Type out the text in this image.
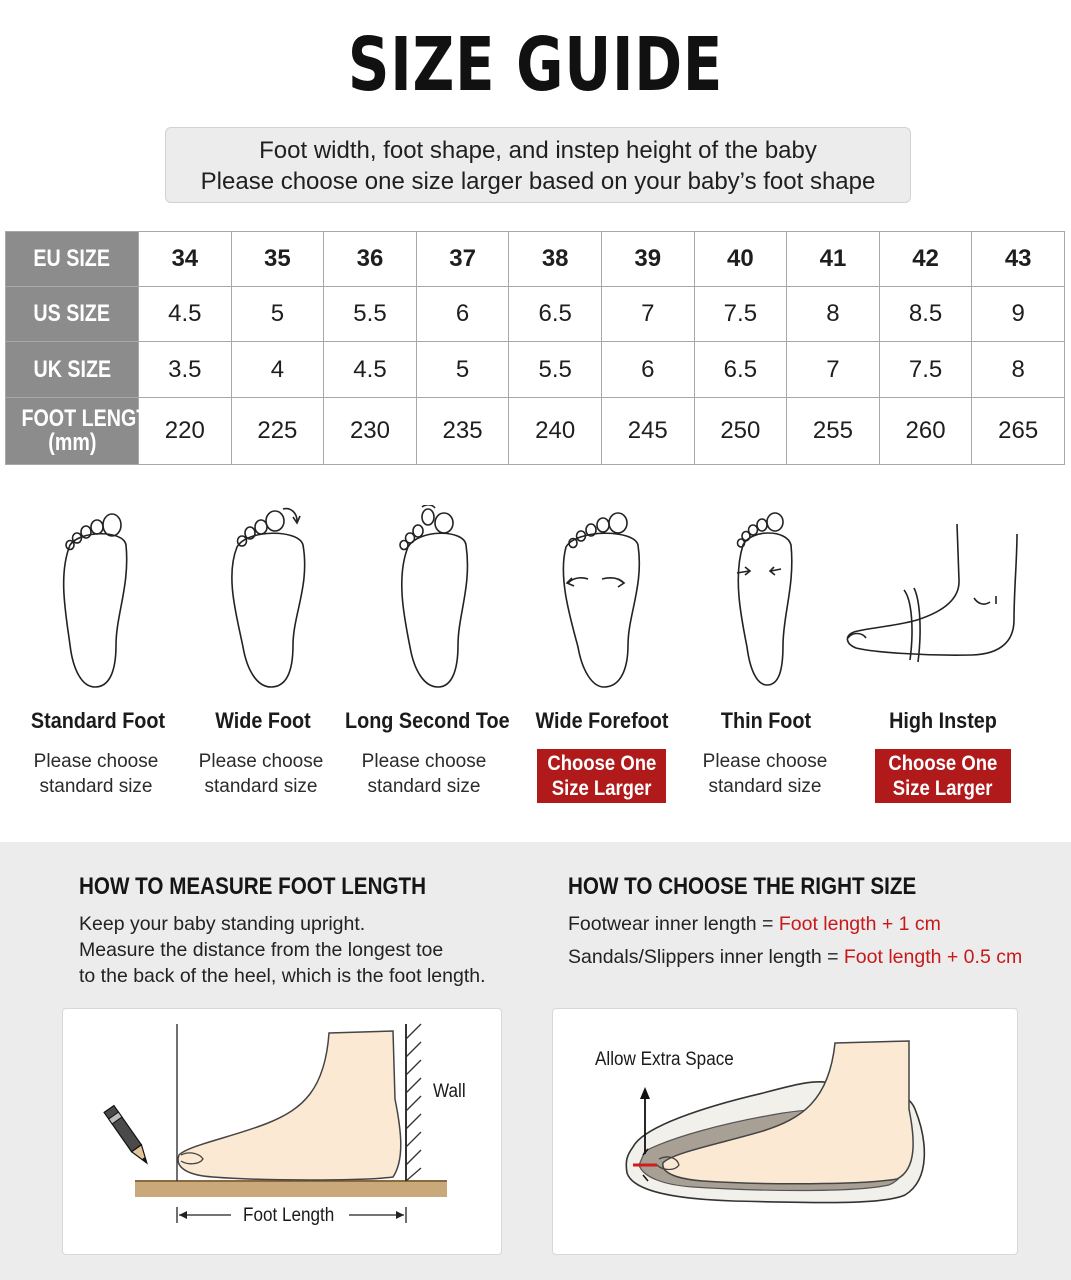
SIZE GUIDE
Foot width, foot shape, and instep height of the baby
Please choose one size larger based on your baby’s foot shape
EU SIZE	34	35	36	37	38	39	40	41	42	43
US SIZE	4.5	5	5.5	6	6.5	7	7.5	8	8.5	9
UK SIZE	3.5	4	4.5	5	5.5	6	6.5	7	7.5	8
FOOT LENGTH
(mm)	220	225	230	235	240	245	250	255	260	265
Standard Foot	Wide Foot	Long Second Toe	Wide Forefoot	Thin Foot	High Instep
Please choose
standard size
Please choose
standard size
Please choose
standard size
Choose One
Size Larger
Please choose
standard size
Choose One
Size Larger
HOW TO MEASURE FOOT LENGTH
Keep your baby standing upright.
Measure the distance from the longest toe
to the back of the heel, which is the foot length.
HOW TO CHOOSE THE RIGHT SIZE
Footwear inner length = Foot length + 1 cm
Sandals/Slippers inner length = Foot length + 0.5 cm
Wall
Foot Length
Allow Extra Space
